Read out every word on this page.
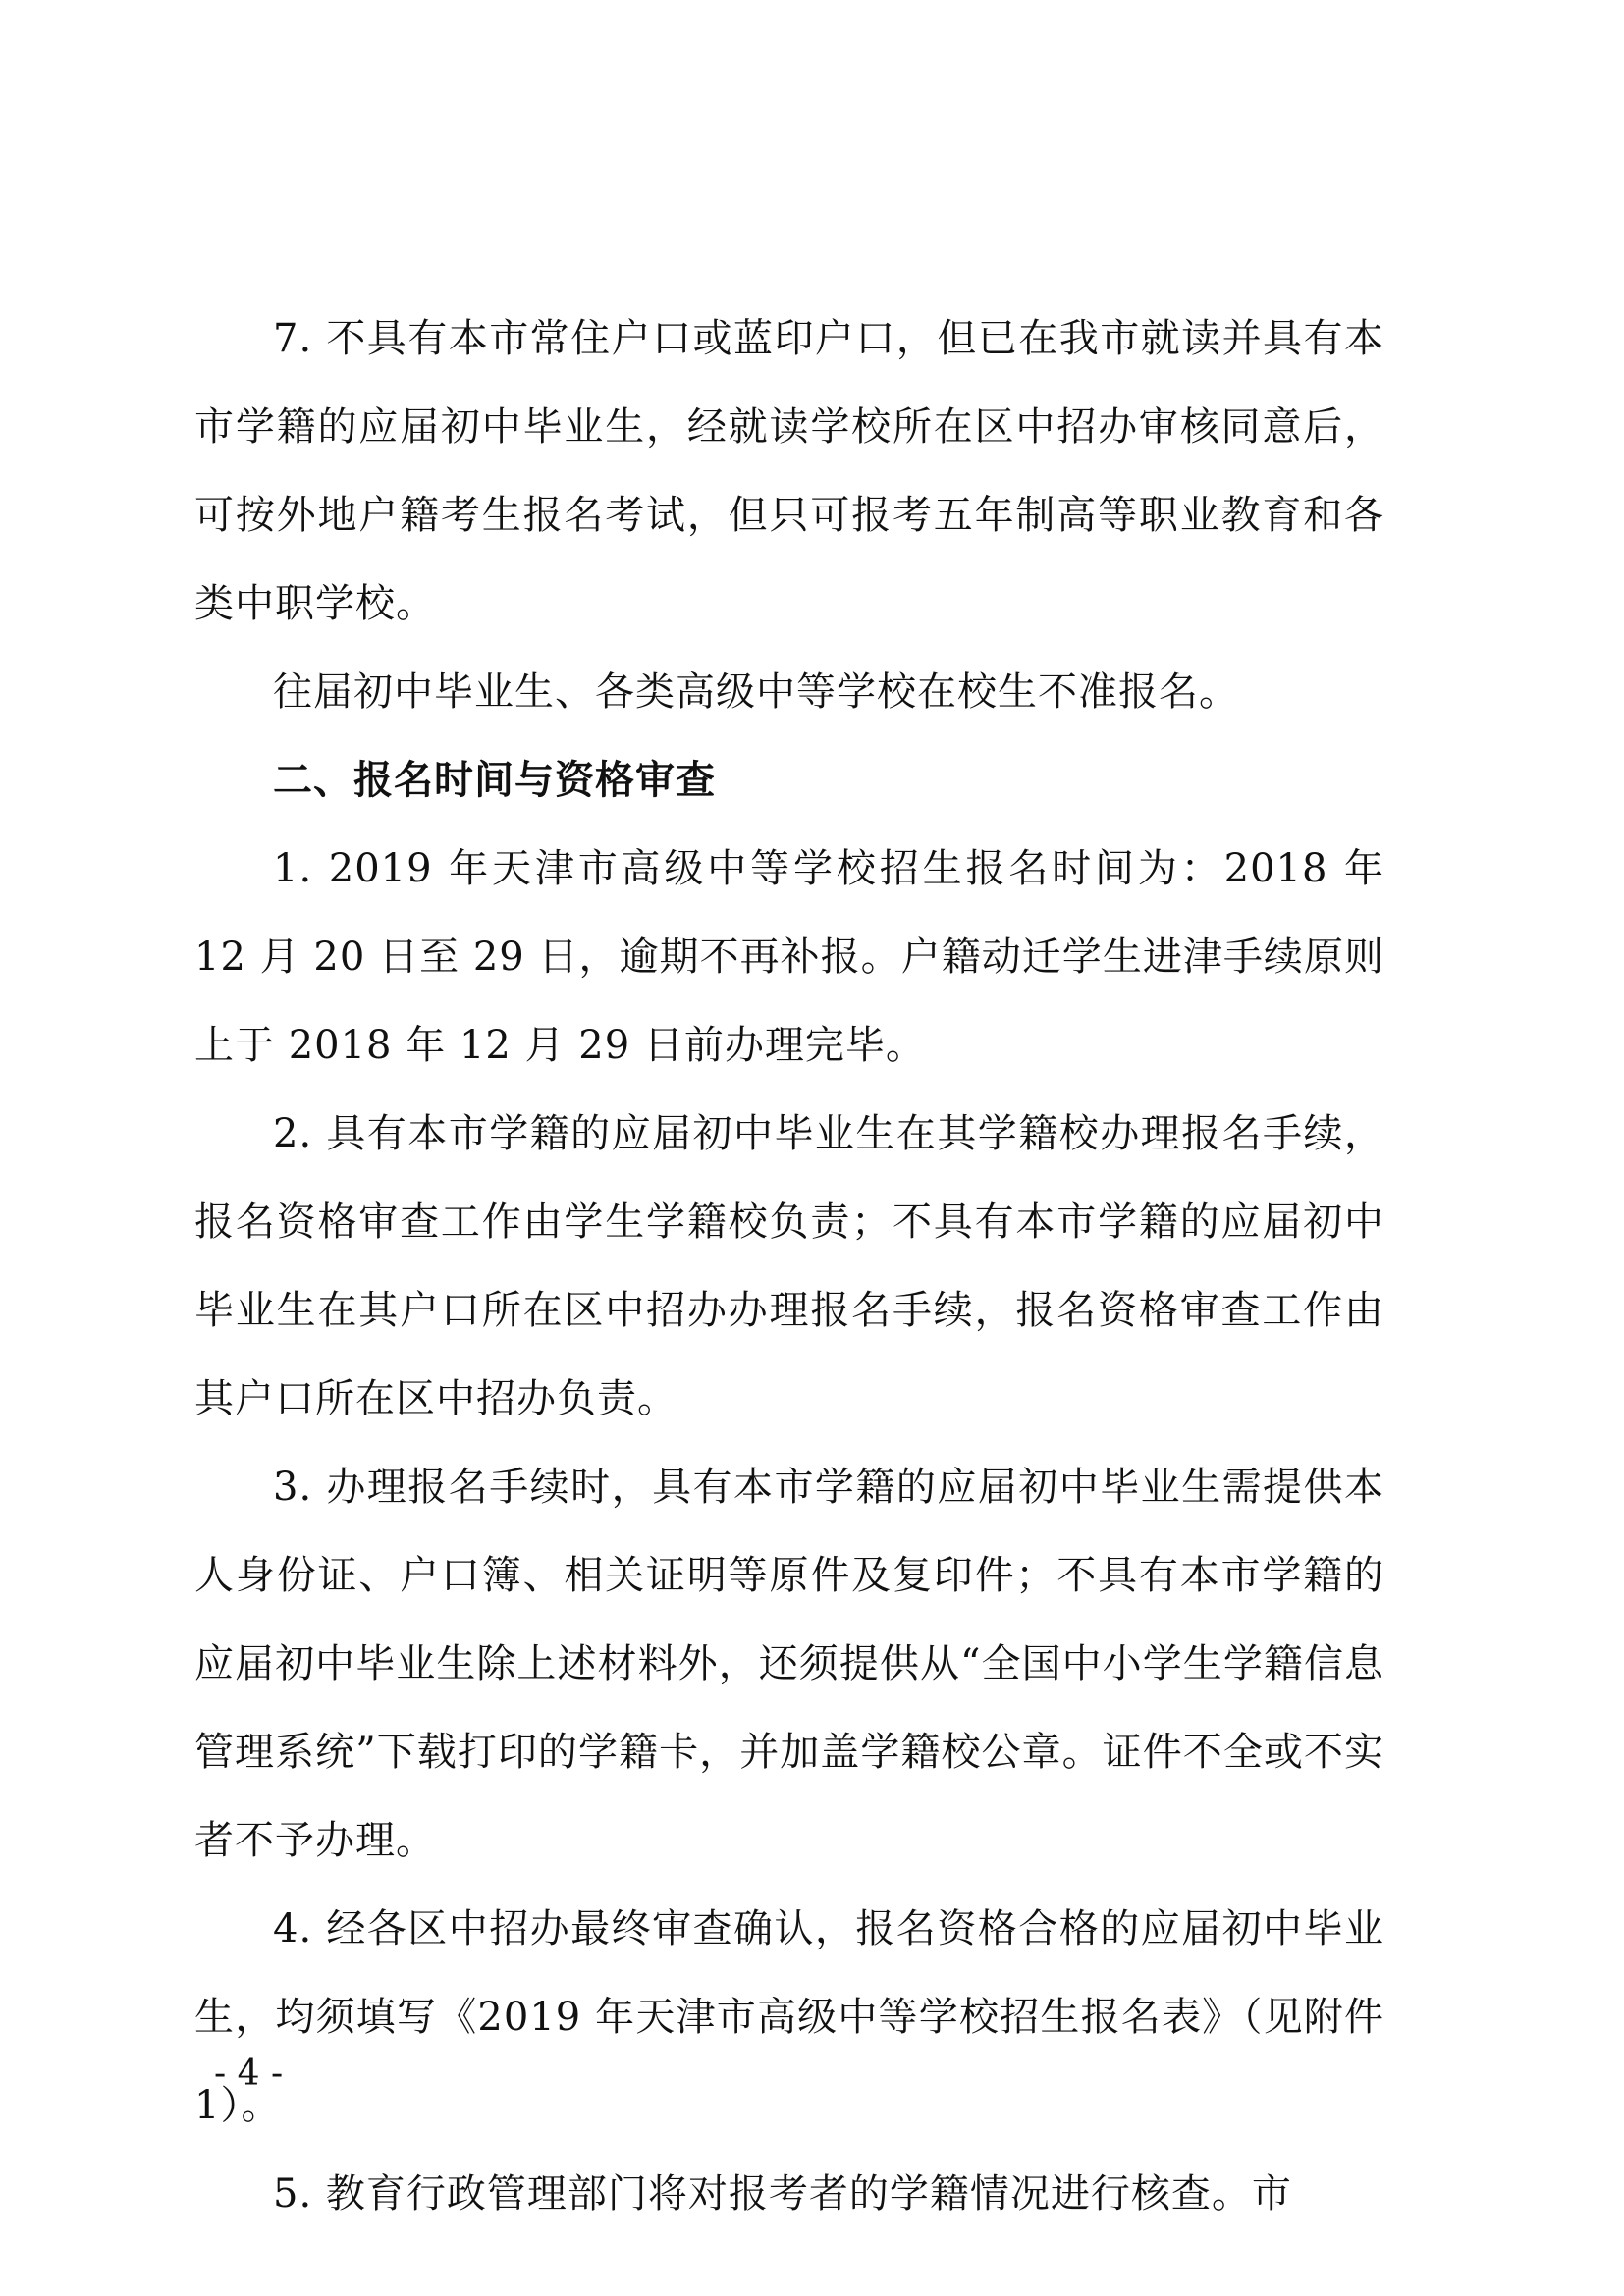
7. 不具有本市常住户口或蓝印户口，但已在我市就读并具有本市学籍的应届初中毕业生，经就读学校所在区中招办审核同意后，可按外地户籍考生报名考试，但只可报考五年制高等职业教育和各类中职学校。

往届初中毕业生、各类高级中等学校在校生不准报名。

二、报名时间与资格审查

1. 2019 年天津市高级中等学校招生报名时间为：2018 年 12 月 20 日至 29 日，逾期不再补报。户籍动迁学生进津手续原则上于 2018 年 12 月 29 日前办理完毕。

2. 具有本市学籍的应届初中毕业生在其学籍校办理报名手续，报名资格审查工作由学生学籍校负责；不具有本市学籍的应届初中毕业生在其户口所在区中招办办理报名手续，报名资格审查工作由其户口所在区中招办负责。

3. 办理报名手续时，具有本市学籍的应届初中毕业生需提供本人身份证、户口簿、相关证明等原件及复印件；不具有本市学籍的应届初中毕业生除上述材料外，还须提供从“全国中小学生学籍信息管理系统”下载打印的学籍卡，并加盖学籍校公章。证件不全或不实者不予办理。

4. 经各区中招办最终审查确认，报名资格合格的应届初中毕业生，均须填写《2019 年天津市高级中等学校招生报名表》（见附件 1）。

5. 教育行政管理部门将对报考者的学籍情况进行核查。市

- 4 -
